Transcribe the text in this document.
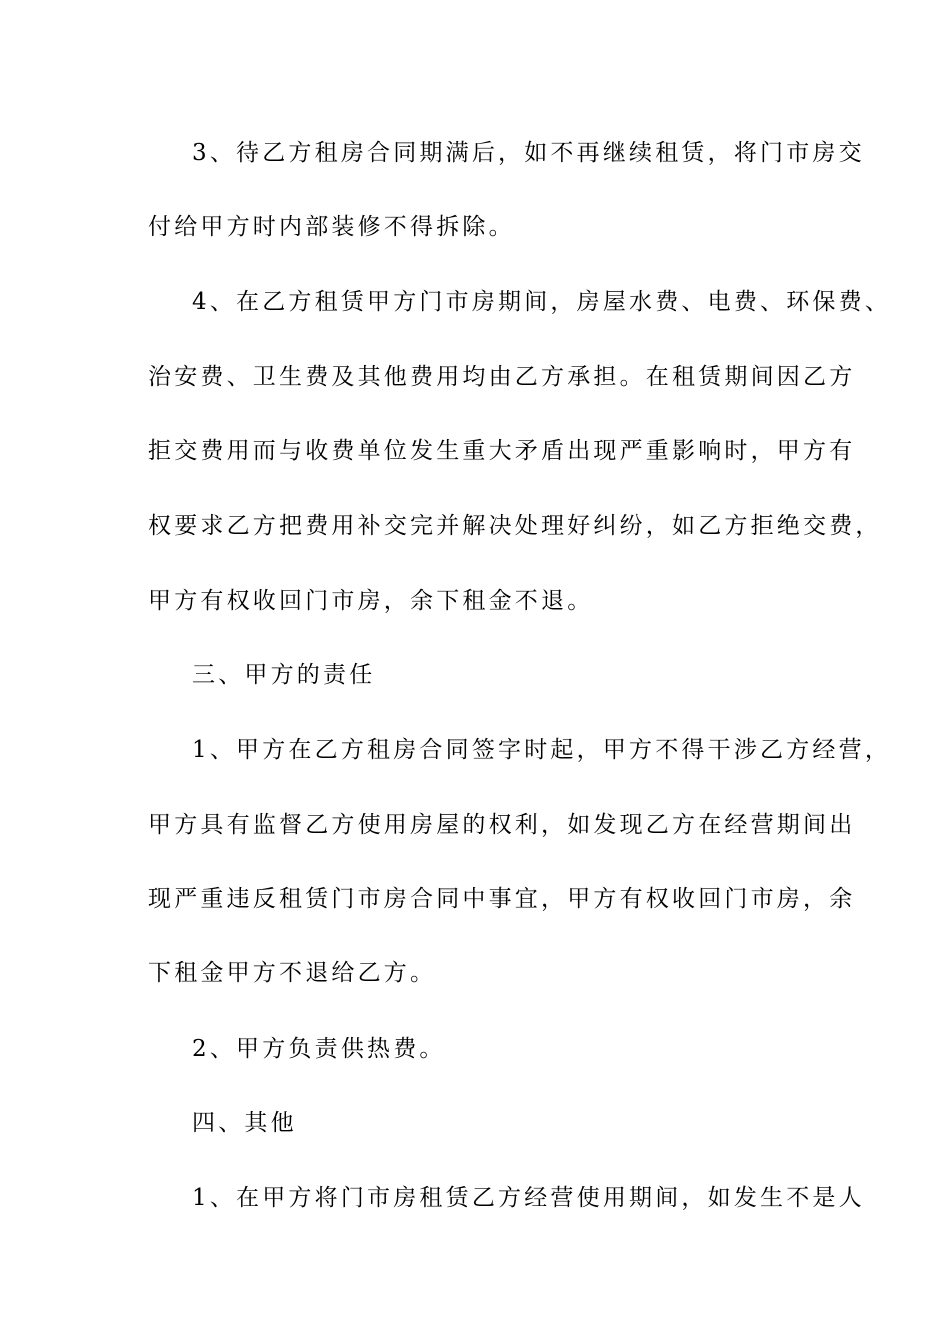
3、待乙方租房合同期满后，如不再继续租赁，将门市房交
付给甲方时内部装修不得拆除。
4、在乙方租赁甲方门市房期间，房屋水费、电费、环保费、
治安费、卫生费及其他费用均由乙方承担。在租赁期间因乙方
拒交费用而与收费单位发生重大矛盾出现严重影响时，甲方有
权要求乙方把费用补交完并解决处理好纠纷，如乙方拒绝交费，
甲方有权收回门市房，余下租金不退。
三、甲方的责任
1、甲方在乙方租房合同签字时起，甲方不得干涉乙方经营，
甲方具有监督乙方使用房屋的权利，如发现乙方在经营期间出
现严重违反租赁门市房合同中事宜，甲方有权收回门市房，余
下租金甲方不退给乙方。
2、甲方负责供热费。
四、其他
1、在甲方将门市房租赁乙方经营使用期间，如发生不是人
